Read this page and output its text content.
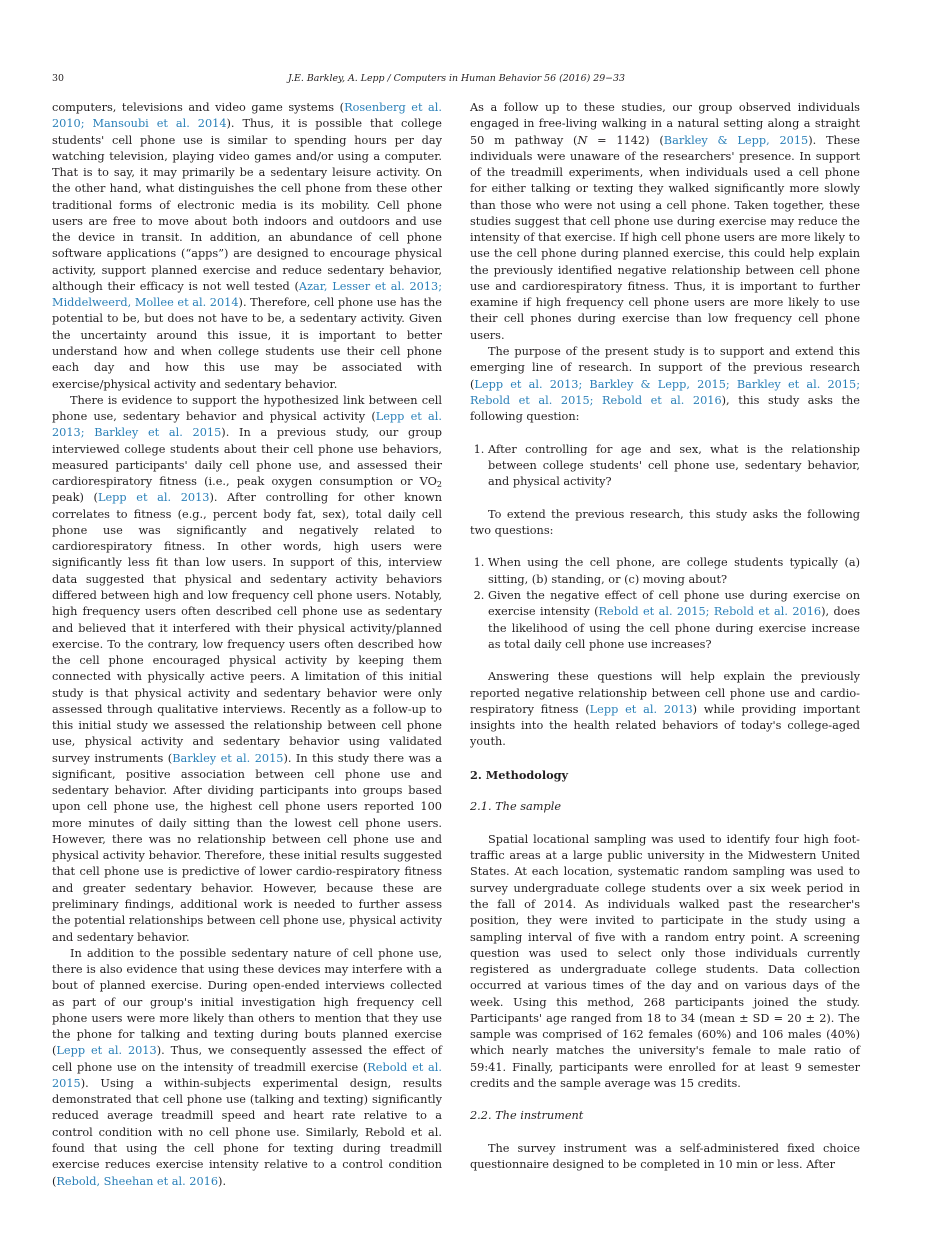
30	J.E. Barkley, A. Lepp / Computers in Human Behavior 56 (2016) 29−33

computers, televisions and video game systems (Rosenberg et al. 2010; Mansoubi et al. 2014). Thus, it is possible that college students' cell phone use is similar to spending hours per day watching television, playing video games and/or using a computer. That is to say, it may primarily be a sedentary leisure activity. On the other hand, what distinguishes the cell phone from these other traditional forms of electronic media is its mobility. Cell phone users are free to move about both indoors and outdoors and use the device in transit. In addition, an abundance of cell phone software applications (“apps”) are designed to encourage physical activity, support planned exercise and reduce sedentary behavior, although their efficacy is not well tested (Azar, Lesser et al. 2013; Middelweerd, Mollee et al. 2014). Therefore, cell phone use has the potential to be, but does not have to be, a sedentary activity. Given the uncertainty around this issue, it is important to better understand how and when college students use their cell phone each day and how this use may be associated with exercise/physical activity and sedentary behavior.

There is evidence to support the hypothesized link between cell phone use, sedentary behavior and physical activity (Lepp et al. 2013; Barkley et al. 2015). In a previous study, our group interviewed college students about their cell phone use behaviors, measured participants' daily cell phone use, and assessed their cardiorespiratory fitness (i.e., peak oxygen consumption or $VO_2$ peak) (Lepp et al. 2013). After controlling for other known correlates to fitness (e.g., percent body fat, sex), total daily cell phone use was significantly and negatively related to cardiorespiratory fitness. In other words, high users were significantly less fit than low users. In support of this, interview data suggested that physical and sedentary activity behaviors differed between high and low frequency cell phone users. Notably, high frequency users often described cell phone use as sedentary and believed that it interfered with their physical activity/planned exercise. To the contrary, low frequency users often described how the cell phone encouraged physical activity by keeping them connected with physically active peers. A limitation of this initial study is that physical activity and sedentary behavior were only assessed through qualitative interviews. Recently as a follow-up to this initial study we assessed the relationship between cell phone use, physical activity and sedentary behavior using validated survey instruments (Barkley et al. 2015). In this study there was a significant, positive association between cell phone use and sedentary behavior. After dividing participants into groups based upon cell phone use, the highest cell phone users reported 100 more minutes of daily sitting than the lowest cell phone users. However, there was no relationship between cell phone use and physical activity behavior. Therefore, these initial results suggested that cell phone use is predictive of lower cardio-respiratory fitness and greater sedentary behavior. However, because these are preliminary findings, additional work is needed to further assess the potential relationships between cell phone use, physical activity and sedentary behavior.

In addition to the possible sedentary nature of cell phone use, there is also evidence that using these devices may interfere with a bout of planned exercise. During open-ended interviews collected as part of our group's initial investigation high frequency cell phone users were more likely than others to mention that they use the phone for talking and texting during bouts planned exercise (Lepp et al. 2013). Thus, we consequently assessed the effect of cell phone use on the intensity of treadmill exercise (Rebold et al. 2015). Using a within-subjects experimental design, results demonstrated that cell phone use (talking and texting) significantly reduced average treadmill speed and heart rate relative to a control condition with no cell phone use. Similarly, Rebold et al. found that using the cell phone for texting during treadmill exercise reduces exercise intensity relative to a control condition (Rebold, Sheehan et al. 2016).

As a follow up to these studies, our group observed individuals engaged in free-living walking in a natural setting along a straight 50 m pathway (N = 1142) (Barkley & Lepp, 2015). These individuals were unaware of the researchers' presence. In support of the treadmill experiments, when individuals used a cell phone for either talking or texting they walked significantly more slowly than those who were not using a cell phone. Taken together, these studies suggest that cell phone use during exercise may reduce the intensity of that exercise. If high cell phone users are more likely to use the cell phone during planned exercise, this could help explain the previously identified negative relationship between cell phone use and cardiorespiratory fitness. Thus, it is important to further examine if high frequency cell phone users are more likely to use their cell phones during exercise than low frequency cell phone users.

The purpose of the present study is to support and extend this emerging line of research. In support of the previous research (Lepp et al. 2013; Barkley & Lepp, 2015; Barkley et al. 2015; Rebold et al. 2015; Rebold et al. 2016), this study asks the following question:

1. After controlling for age and sex, what is the relationship between college students' cell phone use, sedentary behavior, and physical activity?

To extend the previous research, this study asks the following two questions:

1. When using the cell phone, are college students typically (a) sitting, (b) standing, or (c) moving about?
2. Given the negative effect of cell phone use during exercise on exercise intensity (Rebold et al. 2015; Rebold et al. 2016), does the likelihood of using the cell phone during exercise increase as total daily cell phone use increases?

Answering these questions will help explain the previously reported negative relationship between cell phone use and cardio-respiratory fitness (Lepp et al. 2013) while providing important insights into the health related behaviors of today's college-aged youth.

2. Methodology
2.1. The sample

Spatial locational sampling was used to identify four high foot-traffic areas at a large public university in the Midwestern United States. At each location, systematic random sampling was used to survey undergraduate college students over a six week period in the fall of 2014. As individuals walked past the researcher's position, they were invited to participate in the study using a sampling interval of five with a random entry point. A screening question was used to select only those individuals currently registered as undergraduate college students. Data collection occurred at various times of the day and on various days of the week. Using this method, 268 participants joined the study. Participants' age ranged from 18 to 34 (mean ± SD = 20 ± 2). The sample was comprised of 162 females (60%) and 106 males (40%) which nearly matches the university's female to male ratio of 59:41. Finally, participants were enrolled for at least 9 semester credits and the sample average was 15 credits.

2.2. The instrument

The survey instrument was a self-administered fixed choice questionnaire designed to be completed in 10 min or less. After
